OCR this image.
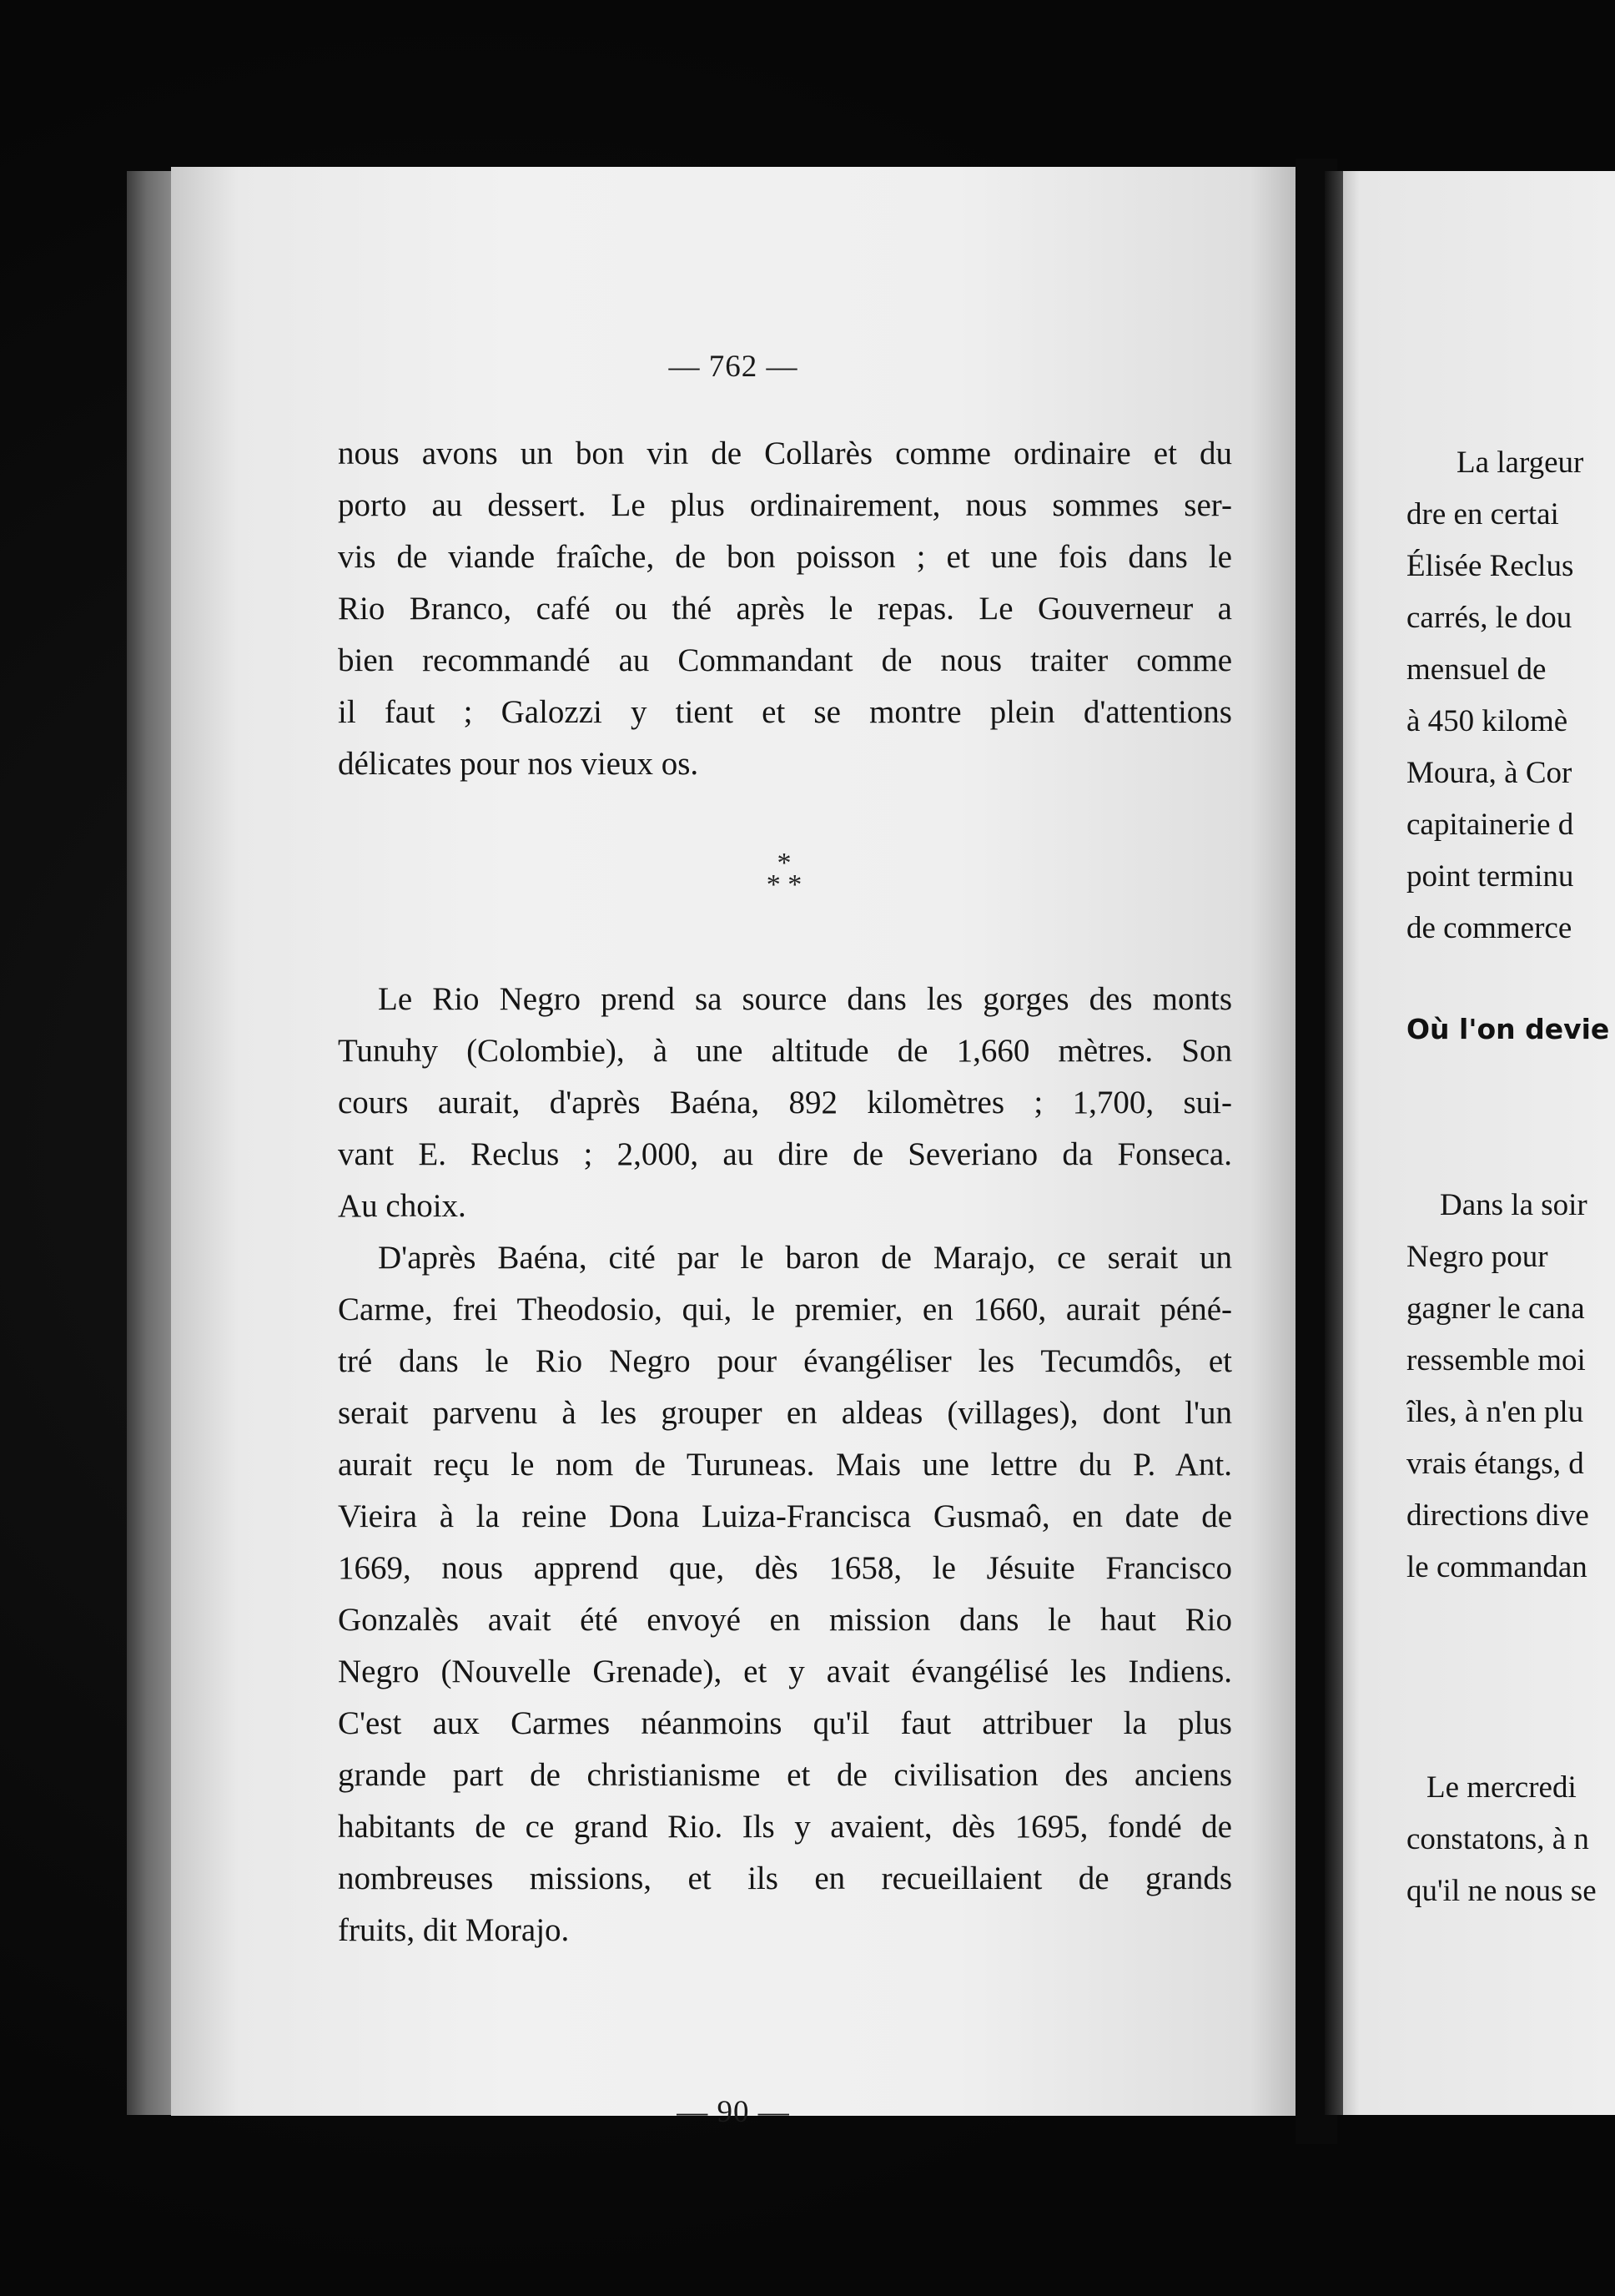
— 762 —
nous avons un bon vin de Collarès comme ordinaire et du
porto au dessert. Le plus ordinairement, nous sommes ser-
vis de viande fraîche, de bon poisson ; et une fois dans le
Rio Branco, café ou thé après le repas. Le Gouverneur a
bien recommandé au Commandant de nous traiter comme
il faut ; Galozzi y tient et se montre plein d'attentions
délicates pour nos vieux os.
*
* *
Le Rio Negro prend sa source dans les gorges des monts
Tunuhy (Colombie), à une altitude de 1,660 mètres. Son
cours aurait, d'après Baéna, 892 kilomètres ; 1,700, sui-
vant E. Reclus ; 2,000, au dire de Severiano da Fonseca.
Au choix.
D'après Baéna, cité par le baron de Marajo, ce serait un
Carme, frei Theodosio, qui, le premier, en 1660, aurait péné-
tré dans le Rio Negro pour évangéliser les Tecumdôs, et
serait parvenu à les grouper en aldeas (villages), dont l'un
aurait reçu le nom de Turuneas. Mais une lettre du P. Ant.
Vieira à la reine Dona Luiza-Francisca Gusmaô, en date de
1669, nous apprend que, dès 1658, le Jésuite Francisco
Gonzalès avait été envoyé en mission dans le haut Rio
Negro (Nouvelle Grenade), et y avait évangélisé les Indiens.
C'est aux Carmes néanmoins qu'il faut attribuer la plus
grande part de christianisme et de civilisation des anciens
habitants de ce grand Rio. Ils y avaient, dès 1695, fondé de
nombreuses missions, et ils en recueillaient de grands
fruits, dit Morajo.
— 90 —
La largeur
dre en certai
Élisée Reclus
carrés, le dou
mensuel de
à 450 kilomè
Moura, à Cor
capitainerie d
point terminu
de commerce
Où l'on devie
Dans la soir
Negro pour
gagner le cana
ressemble moi
îles, à n'en plu
vrais étangs, d
directions dive
le commandan
Le mercredi
constatons, à n
qu'il ne nous se
